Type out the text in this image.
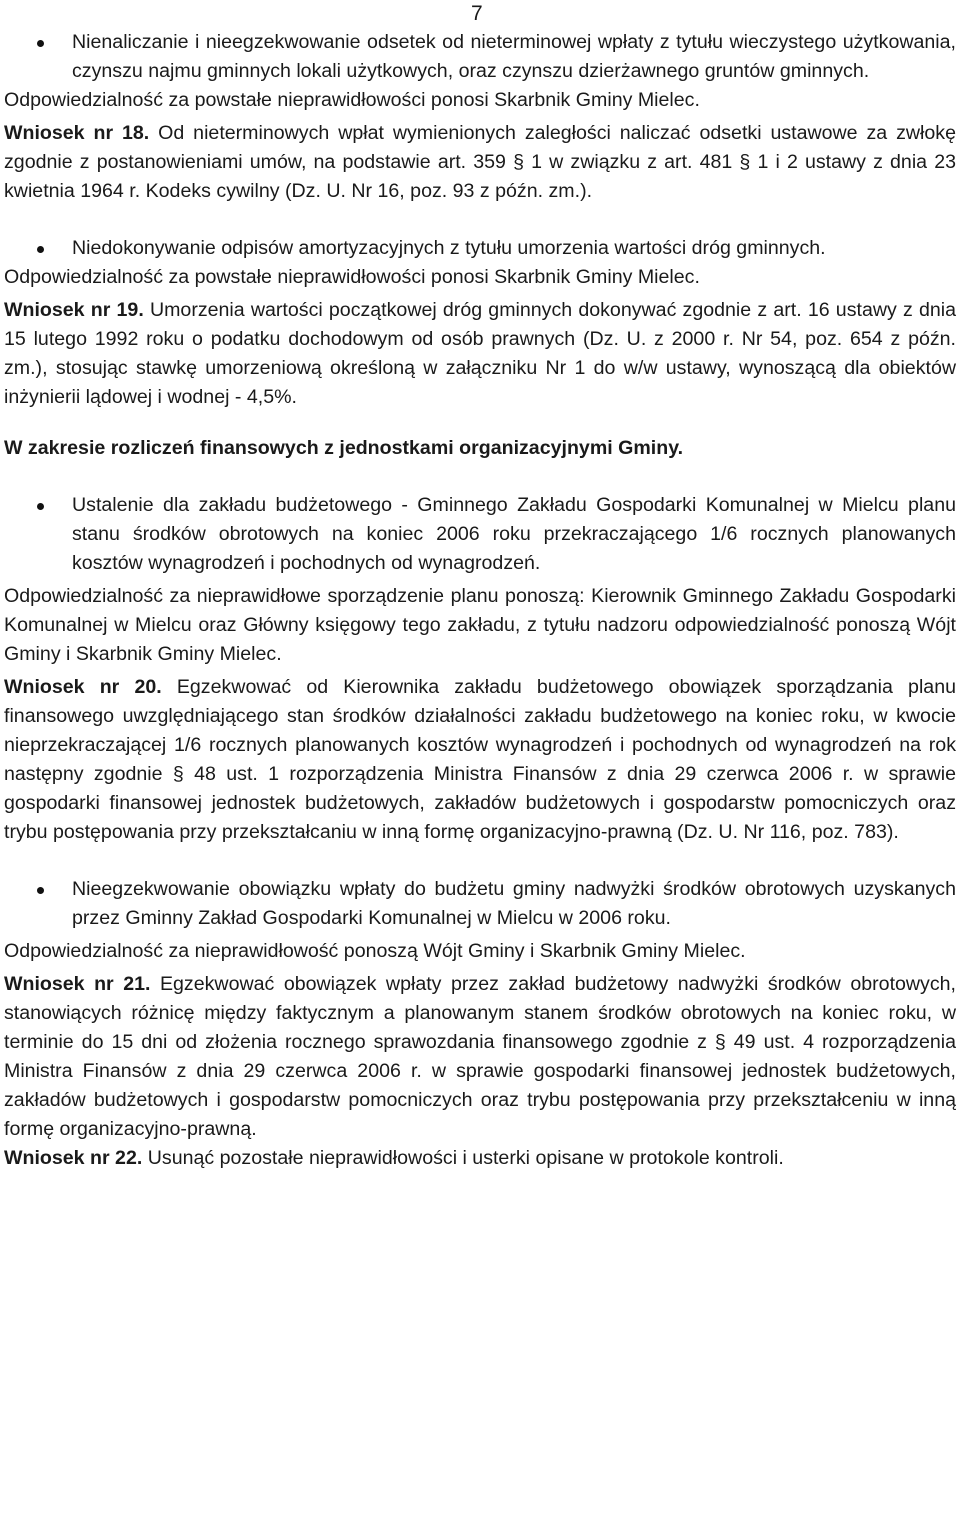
7
Nienaliczanie i nieegzekwowanie odsetek od nieterminowej wpłaty z tytułu wieczystego użytkowania, czynszu najmu gminnych lokali użytkowych, oraz czynszu dzierżawnego gruntów gminnych.

Odpowiedzialność za powstałe nieprawidłowości ponosi Skarbnik Gminy Mielec.

Wniosek nr 18. Od nieterminowych wpłat wymienionych zaległości naliczać odsetki ustawowe za zwłokę zgodnie z postanowieniami umów, na podstawie art. 359 § 1 w związku z art. 481 § 1 i 2 ustawy z dnia 23 kwietnia 1964 r. Kodeks cywilny (Dz. U. Nr 16, poz. 93 z późn. zm.).

Niedokonywanie odpisów amortyzacyjnych z tytułu umorzenia wartości dróg gminnych.

Odpowiedzialność za powstałe nieprawidłowości ponosi Skarbnik Gminy Mielec.

Wniosek nr 19. Umorzenia wartości początkowej dróg gminnych dokonywać zgodnie z art. 16 ustawy z dnia 15 lutego 1992 roku o podatku dochodowym od osób prawnych (Dz. U. z 2000 r. Nr 54, poz. 654 z późn. zm.), stosując stawkę umorzeniową określoną w załączniku Nr 1 do w/w ustawy, wynoszącą dla obiektów inżynierii lądowej i wodnej - 4,5%.

W zakresie rozliczeń finansowych z jednostkami organizacyjnymi Gminy.

Ustalenie dla zakładu budżetowego - Gminnego Zakładu Gospodarki Komunalnej w Mielcu planu stanu środków obrotowych na koniec 2006 roku przekraczającego 1/6 rocznych planowanych kosztów wynagrodzeń i pochodnych od wynagrodzeń.

Odpowiedzialność za nieprawidłowe sporządzenie planu ponoszą: Kierownik Gminnego Zakładu Gospodarki Komunalnej w Mielcu oraz Główny księgowy tego zakładu, z tytułu nadzoru odpowiedzialność ponoszą Wójt Gminy i Skarbnik Gminy Mielec.

Wniosek nr 20. Egzekwować od Kierownika zakładu budżetowego obowiązek sporządzania planu finansowego uwzględniającego stan środków działalności zakładu budżetowego na koniec roku, w kwocie nieprzekraczającej 1/6 rocznych planowanych kosztów wynagrodzeń i pochodnych od wynagrodzeń na rok następny zgodnie § 48 ust. 1 rozporządzenia Ministra Finansów z dnia 29 czerwca 2006 r. w sprawie gospodarki finansowej jednostek budżetowych, zakładów budżetowych i gospodarstw pomocniczych oraz trybu postępowania przy przekształcaniu w inną formę organizacyjno-prawną (Dz. U. Nr 116, poz. 783).

Nieegzekwowanie obowiązku wpłaty do budżetu gminy nadwyżki środków obrotowych uzyskanych przez Gminny Zakład Gospodarki Komunalnej w Mielcu w 2006 roku.

Odpowiedzialność za nieprawidłowość ponoszą Wójt Gminy i Skarbnik Gminy Mielec.

Wniosek nr 21. Egzekwować obowiązek wpłaty przez zakład budżetowy nadwyżki środków obrotowych, stanowiących różnicę między faktycznym a planowanym stanem środków obrotowych na koniec roku, w terminie do 15 dni od złożenia rocznego sprawozdania finansowego zgodnie z § 49 ust. 4 rozporządzenia Ministra Finansów z dnia 29 czerwca 2006 r. w sprawie gospodarki finansowej jednostek budżetowych, zakładów budżetowych i gospodarstw pomocniczych oraz trybu postępowania przy przekształceniu w inną formę organizacyjno-prawną.

Wniosek nr 22. Usunąć pozostałe nieprawidłowości i usterki opisane w protokole kontroli.
